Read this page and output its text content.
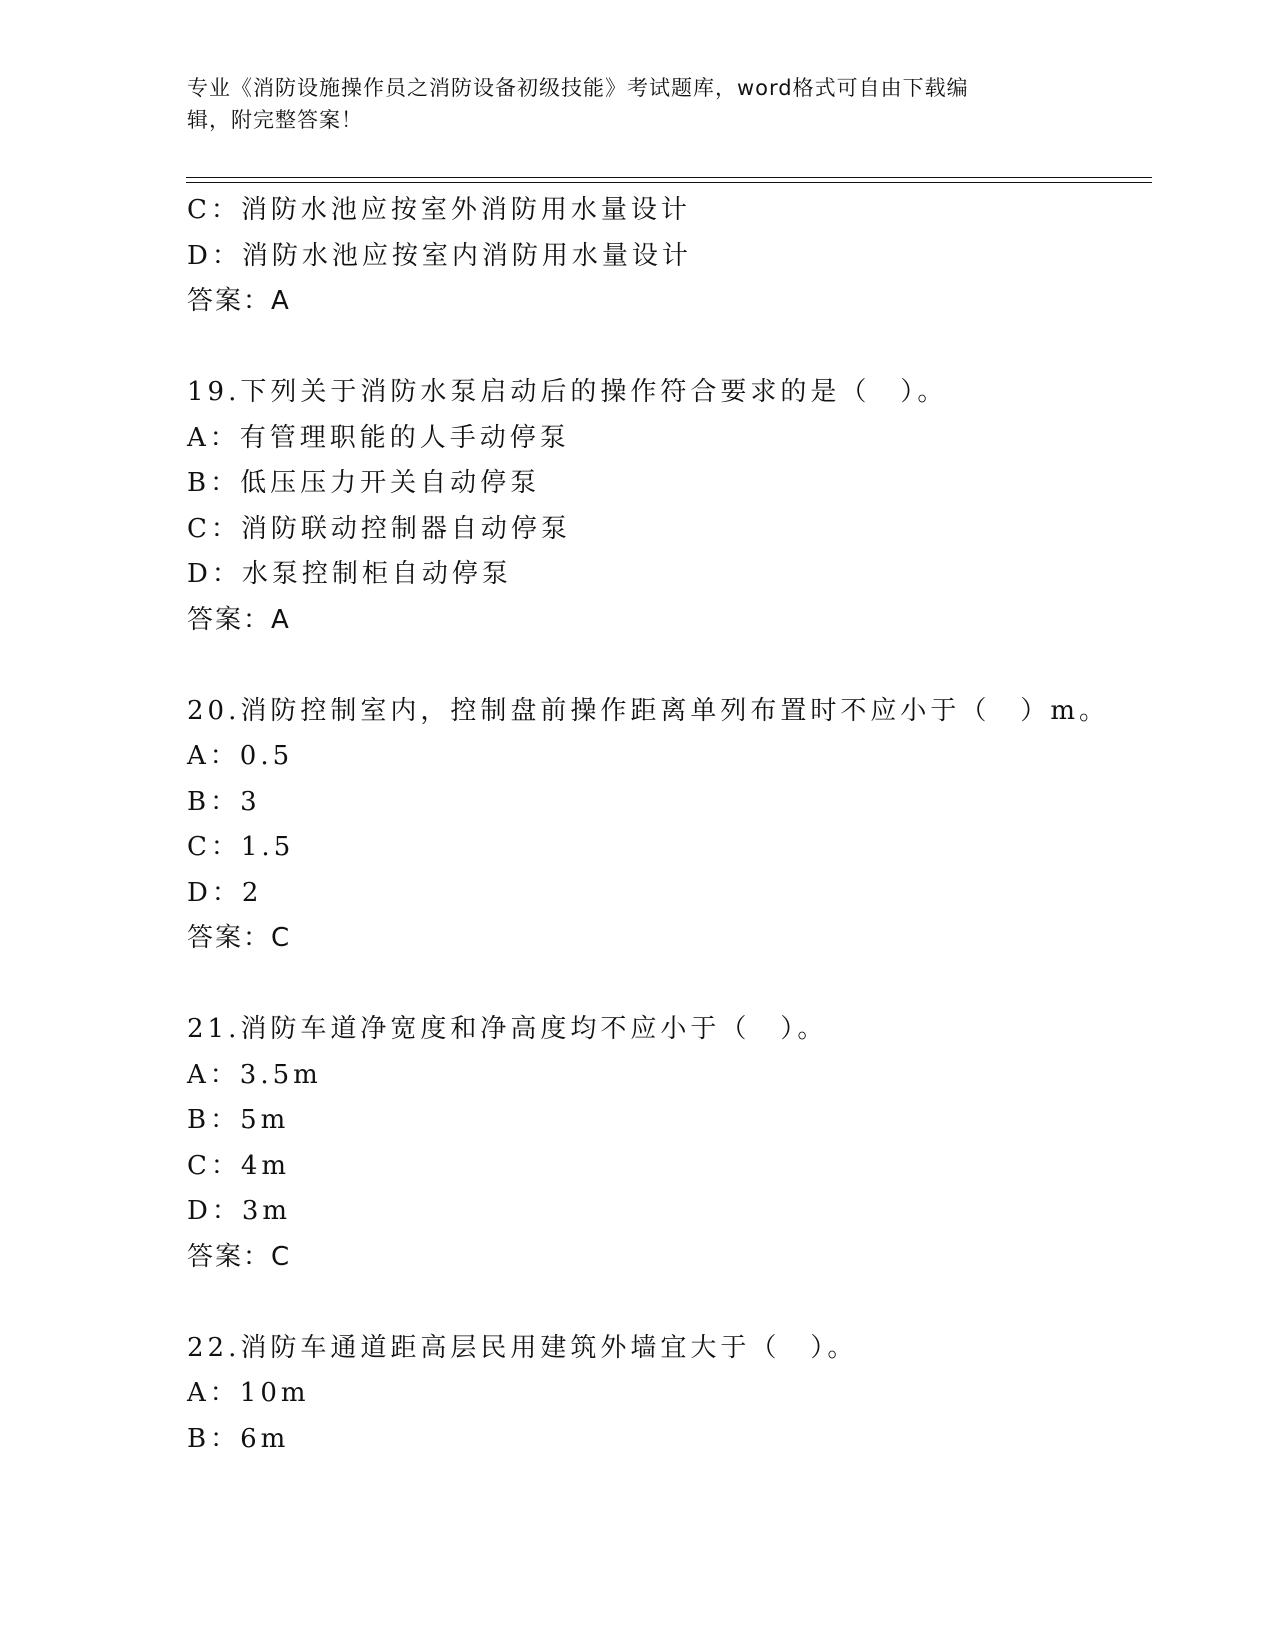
专业《消防设施操作员之消防设备初级技能》考试题库，word格式可自由下载编
辑，附完整答案！
C：消防水池应按室外消防用水量设计
D：消防水池应按室内消防用水量设计
答案：A
19.下列关于消防水泵启动后的操作符合要求的是（　）。
A：有管理职能的人手动停泵
B：低压压力开关自动停泵
C：消防联动控制器自动停泵
D：水泵控制柜自动停泵
答案：A
20.消防控制室内，控制盘前操作距离单列布置时不应小于（　）m。
A：0.5
B：3
C：1.5
D：2
答案：C
21.消防车道净宽度和净高度均不应小于（　）。
A：3.5m
B：5m
C：4m
D：3m
答案：C
22.消防车通道距高层民用建筑外墙宜大于（　）。
A：10m
B：6m
